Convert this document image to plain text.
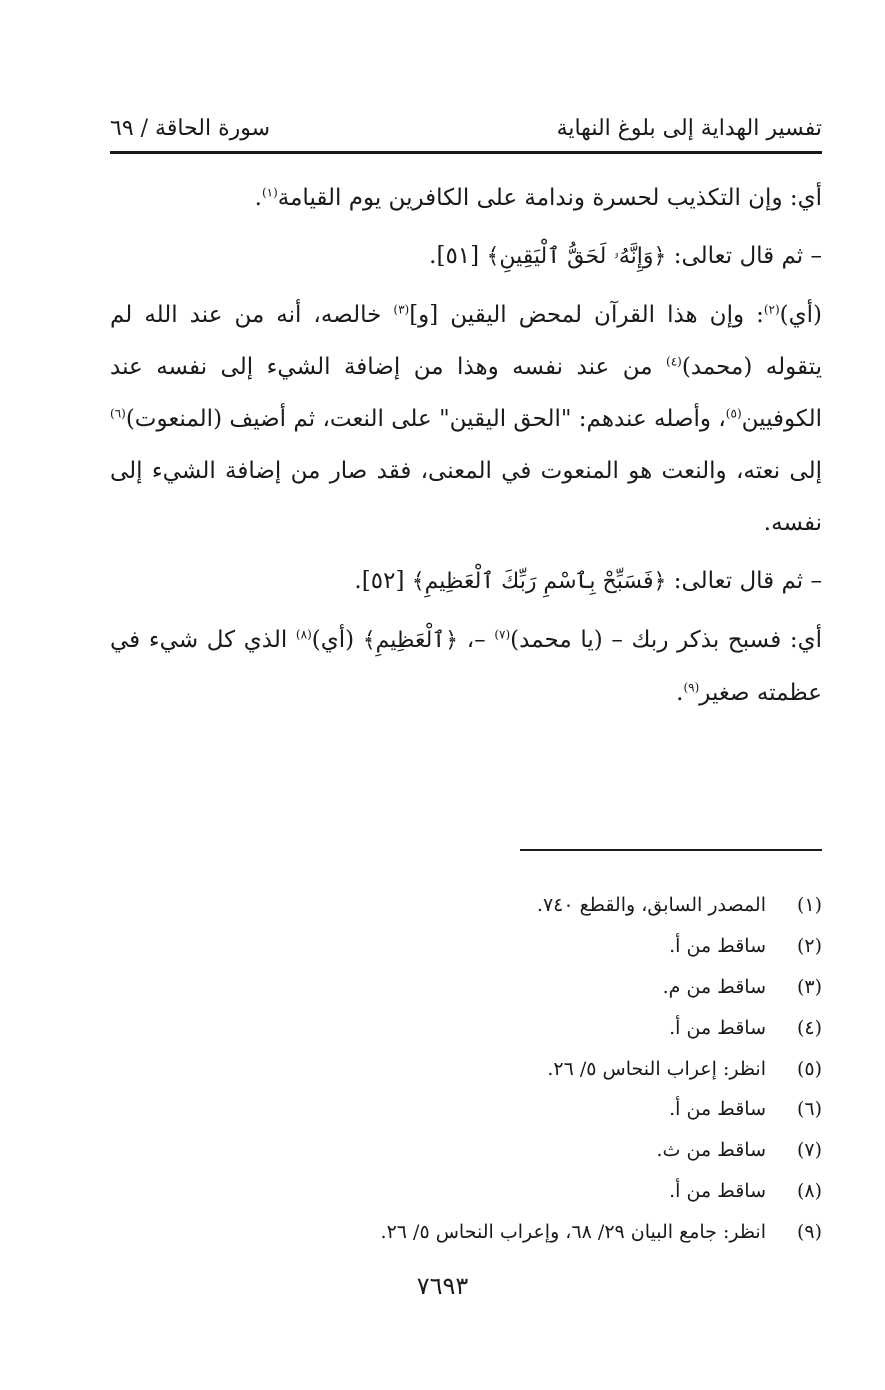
تفسير الهداية إلى بلوغ النهاية
سورة الحاقة / ٦٩

أي: وإن التكذيب لحسرة وندامة على الكافرين يوم القيامة$^{(١)}$.

– ثم قال تعالى: ﴿وَإِنَّهُۥ لَحَقُّ ٱلْيَقِينِ﴾ [٥١].

(أي)$^{(٢)}$: وإن هذا القرآن لمحض اليقين [و]$^{(٣)}$ خالصه، أنه من عند الله لم يتقوله (محمد)$^{(٤)}$ من عند نفسه وهذا من إضافة الشيء إلى نفسه عند الكوفيين$^{(٥)}$، وأصله عندهم: "الحق اليقين" على النعت، ثم أضيف (المنعوت)$^{(٦)}$ إلى نعته، والنعت هو المنعوت في المعنى، فقد صار من إضافة الشيء إلى نفسه.

– ثم قال تعالى: ﴿فَسَبِّحْ بِٱسْمِ رَبِّكَ ٱلْعَظِيمِ﴾ [٥٢].

أي: فسبح بذكر ربك – (يا محمد)$^{(٧)}$ –، ﴿ٱلْعَظِيمِ﴾ (أي)$^{(٨)}$ الذي كل شيء في عظمته صغير$^{(٩)}$.

(١)
المصدر السابق، والقطع ٧٤٠.
(٢)
ساقط من أ.
(٣)
ساقط من م.
(٤)
ساقط من أ.
(٥)
انظر: إعراب النحاس ٥/ ٢٦.
(٦)
ساقط من أ.
(٧)
ساقط من ث.
(٨)
ساقط من أ.
(٩)
انظر: جامع البيان ٢٩/ ٦٨، وإعراب النحاس ٥/ ٢٦.
٧٦٩٣
